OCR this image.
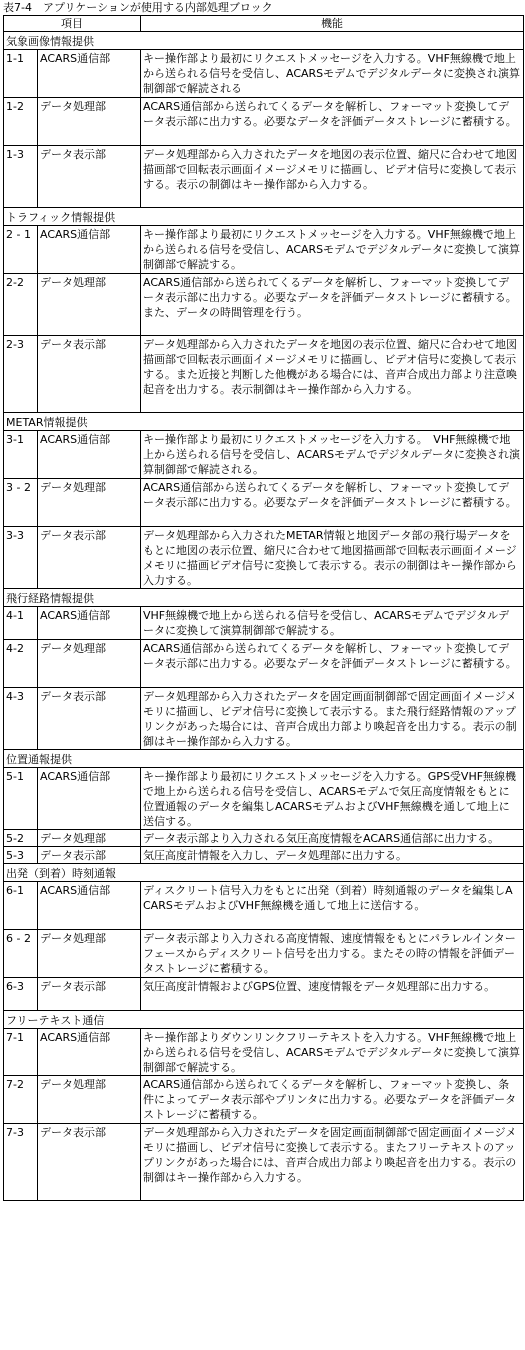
表7-4　アプリケーションが使用する内部処理ブロック
項目		機能
気象画像情報提供		
1-1	ACARS通信部	キー操作部より最初にリクエストメッセージを入力する。VHF無線機で地上から送られる信号を受信し、ACARSモデムでデジタルデータに変換され演算制御部で解読される
1-2	データ処理部	ACARS通信部から送られてくるデータを解析し、フォーマット変換してデータ表示部に出力する。必要なデータを評価データストレージに蓄積する。
1-3	データ表示部	データ処理部から入力されたデータを地図の表示位置、縮尺に合わせて地図描画部で回転表示画面イメージメモリに描画し、ビデオ信号に変換して表示する。表示の制御はキー操作部から入力する。
トラフィック情報提供		
2 - 1	ACARS通信部	キー操作部より最初にリクエストメッセージを入力する。VHF無線機で地上から送られる信号を受信し、ACARSモデムでデジタルデータに変換して演算制御部で解読する。
2-2	データ処理部	ACARS通信部から送られてくるデータを解析し、フォーマット変換してデータ表示部に出力する。必要なデータを評価データストレージに蓄積する。また、データの時間管理を行う。
2-3	データ表示部	データ処理部から入力されたデータを地図の表示位置、縮尺に合わせて地図描画部で回転表示画面イメージメモリに描画し、ビデオ信号に変換して表示する。また近接と判断した他機がある場合には、音声合成出力部より注意喚起音を出力する。表示制御はキー操作部から入力する。
METAR情報提供		
3-1	ACARS通信部	キー操作部より最初にリクエストメッセージを入力する。　VHF無線機で地上から送られる信号を受信し、ACARSモデムでデジタルデータに変換され演算制御部で解読される。
3 - 2	データ処理部	ACARS通信部から送られてくるデータを解析し、フォーマット変換してデータ表示部に出力する。必要なデータを評価データストレージに蓄積する。
3-3	データ表示部	データ処理部から入力されたMETAR情報と地図データ部の飛行場データをもとに地図の表示位置、縮尺に合わせて地図描画部で回転表示画面イメージメモリに描画ビデオ信号に変換して表示する。表示の制御はキー操作部から入力する。
飛行経路情報提供		
4-1	ACARS通信部	VHF無線機で地上から送られる信号を受信し、ACARSモデムでデジタルデータに変換して演算制御部で解読する。
4-2	データ処理部	ACARS通信部から送られてくるデータを解析し、フォーマット変換してデータ表示部に出力する。必要なデータを評価データストレージに蓄積する。
4-3	データ表示部	データ処理部から入力されたデータを固定画面制御部で固定画面イメージメモリに描画し、ビデオ信号に変換して表示する。また飛行経路情報のアップリンクがあった場合には、音声合成出力部より喚起音を出力する。表示の制御はキー操作部から入力する。
位置通報提供		
5-1	ACARS通信部	キー操作部より最初にリクエストメッセージを入力する。GPS受VHF無線機で地上から送られる信号を受信し、ACARSモデムで気圧高度情報をもとに位置通報のデータを編集しACARSモデムおよびVHF無線機を通して地上に送信する。
5-2	データ処理部	データ表示部より入力される気圧高度情報をACARS通信部に出力する。
5-3	データ表示部	気圧高度計情報を入力し、データ処理部に出力する。
出発（到着）時刻通報		
6-1	ACARS通信部	ディスクリート信号入力をもとに出発（到着）時刻通報のデータを編集しACARSモデムおよびVHF無線機を通して地上に送信する。
6 - 2	データ処理部	データ表示部より入力される高度情報、速度情報をもとにパラレルインターフェースからディスクリート信号を出力する。またその時の情報を評価データストレージに蓄積する。
6-3	データ表示部	気圧高度計情報およびGPS位置、速度情報をデータ処理部に出力する。
フリーテキスト通信		
7-1	ACARS通信部	キー操作部よりダウンリンクフリーテキストを入力する。VHF無線機で地上から送られる信号を受信し、ACARSモデムでデジタルデータに変換して演算制御部で解読する。
7-2	データ処理部	ACARS通信部から送られてくるデータを解析し、フォーマット変換し、条件によってデータ表示部やプリンタに出力する。必要なデータを評価データストレージに蓄積する。
7-3	データ表示部	データ処理部から入力されたデータを固定画面制御部で固定画面イメージメモリに描画し、ビデオ信号に変換して表示する。またフリーテキストのアップリンクがあった場合には、音声合成出力部より喚起音を出力する。表示の制御はキー操作部から入力する。
